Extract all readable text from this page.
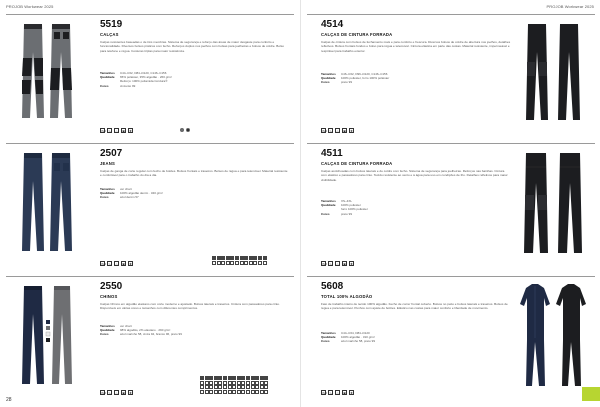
PROJOB Workwear 2025
5519
CALÇAS
Calças resistentes baseadas o de três membras. Sistema de segurança e reforço das áreas de maior desgaste para conforto e funcionalidade. Diversos bolsos práticos com fecho. Reforços duplos nos joelhos com bolsas para joelheiras e bolsos de coldre. Bolso para telefone e régua. Costuras triplas para maior resistência.
Tamanhos	C44–C62, D84–D120, C146–C156
Qualidade	65% poliéster, 35% algodão · 260 g/m²
Reforço: 100% poliamida Cordura®
Cores	cinzento 99
ISO ∿	⌂	▣	✚
2507
JEANS
Calças de ganga de corte regular com fecho de botões. Bolsos frontais e traseiros. Bolsos de régua e para telemóvel. Material resistente e confortável para o trabalho do dia a dia.
Tamanhos	ver chart
Qualidade	100% algodão denim · 340 g/m²
Cores	azul denim 57
ISO ∿	⌂	▣	✚
2550
CHINOS
Calças Chinos em algodão elastano com corte moderno e ajustado. Bolsos laterais e traseiros. Cintura com passadores para cinto. Disponíveis em várias cores e tamanhos com diferentes comprimentos.
Tamanhos	ver chart
Qualidade	98% algodão, 2% elastano · 290 g/m²
Cores	azul marinho 58, cinza 94, branco 96, preto 99
ISO ∿	⌂	▣	✚
28
PROJOB Workwear 2025
4514
CALÇAS DE CINTURA FORRADA
Calças de cintura com bolsos de fechamento mais e para conforto e frescura. Diversos bolsos de coldre de abertura nos joelhos, detalhes refletivos. Bolsos frontais fundos e bolso para régua e telemóvel. Cintura elástica em parte das costas. Material resistente, impermeável e respirável para trabalho exterior.
Tamanhos	C46–C62, D96–D120, C146–C156
Qualidade	100% poliéster, forro 100% poliéster
Cores	preto 99
ISO ∿	⌂	▣	✚
4511
CALÇAS DE CINTURA FORRADA
Calças acolchoadas com bolsos laterais e de coldre com fecho. Sistema de segurança para joelheiras. Reforços nas bainhas. Cintura com elástico e passadores para cinto. Tecido resistente ao vento e à água para uso em condições de frio. Detalhes refletivos para maior visibilidade.
Tamanhos	XS–4XL
Qualidade	100% poliéster
forro 100% poliéster
Cores	preto 99
ISO ∿	⌂	▣	✚
5608
TOTAL 100% ALGODÃO
Fato de trabalho inteiro de tecido 100% algodão. Fecho de correr frontal coberto. Bolsos no peito e bolsos laterais e traseiros. Bolsos de régua e para telemóvel. Punhos com ajuste de botões. Elástico nas costas para maior conforto e liberdade de movimento.
Tamanhos	C44–C64, D84–D120
Qualidade	100% algodão · 310 g/m²
Cores	azul marinho 58, preto 99
ISO ∿	⌂	▣	✚
